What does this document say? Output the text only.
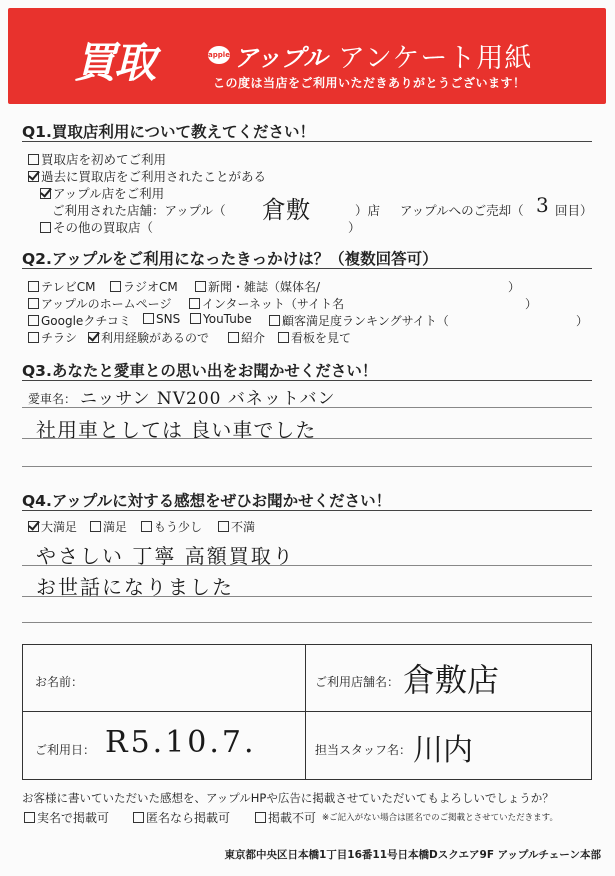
買取	apple アップル アンケート用紙
この度は当店をご利用いただきありがとうございます！
Q1.買取店利用について教えてください！
買取店を初めてご利用
過去に買取店をご利用されたことがある
アップル店をご利用
ご利用された店舗：アップル（ 倉敷	）店 アップルへのご売却（ 3 回目）
その他の買取店（	）
Q2.アップルをご利用になったきっかけは？（複数回答可）
テレビCM	ラジオCM	新聞・雑誌（媒体名/	）
アップルのホームページ	インターネット（サイト名	）
Googleクチコミ	SNS	YouTube	顧客満足度ランキングサイト（	）
チラシ	利用経験があるので	紹介	看板を見て
Q3.あなたと愛車との思い出をお聞かせください！
愛車名： ニッサン NV200 バネットバン
社用車としては 良い車でした
Q4.アップルに対する感想をぜひお聞かせください！
大満足	満足	もう少し	不満
やさしい 丁寧 高額買取り
お世話になりました
お名前：	ご利用店舗名： 倉敷店
ご利用日： R5.10.7.	担当スタッフ名： 川内
お客様に書いていただいた感想を、アップルHPや広告に掲載させていただいてもよろしいでしょうか？
実名で掲載可	匿名なら掲載可	掲載不可 ※ご記入がない場合は匿名でのご掲載とさせていただきます。
東京都中央区日本橋1丁目16番11号日本橋Dスクエア9F アップルチェーン本部
